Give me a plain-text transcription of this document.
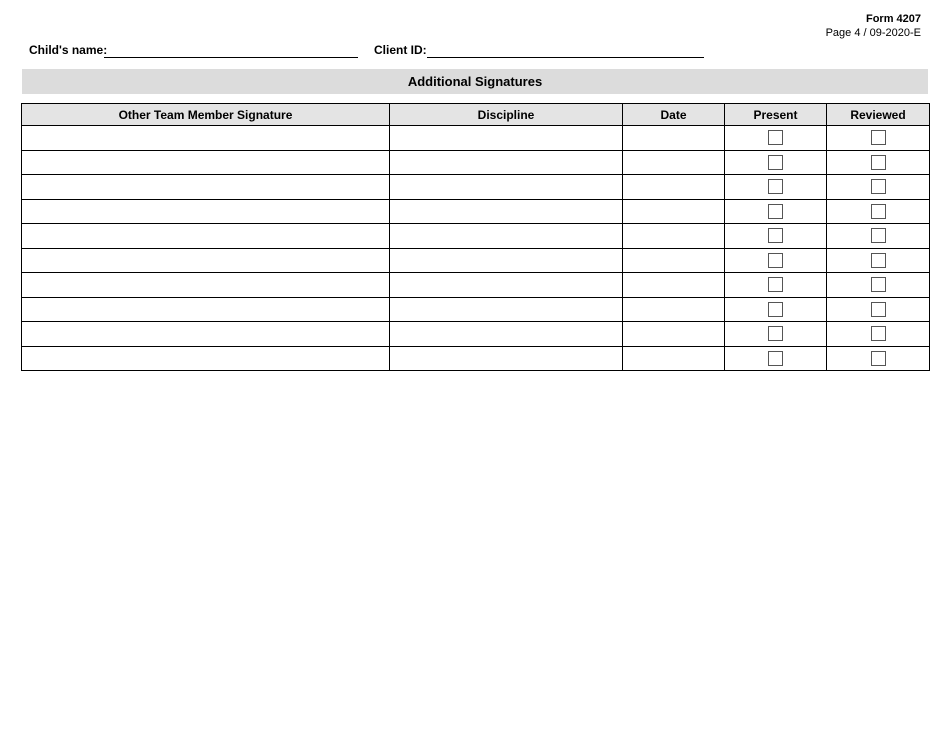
Form 4207
Page 4 / 09-2020-E
Child's name:	Client ID:
Additional Signatures
Other Team Member Signature	Discipline	Date	Present	Reviewed
